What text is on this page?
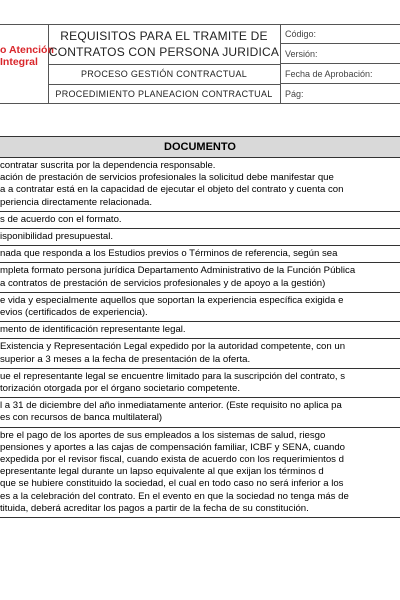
o Atención
Integral
REQUISITOS PARA EL TRAMITE DE
CONTRATOS CON PERSONA JURIDICA
PROCESO GESTIÓN CONTRACTUAL
PROCEDIMIENTO PLANEACION CONTRACTUAL
Código:
Versión:
Fecha de Aprobación:
Pág:
DOCUMENTO
contratar suscrita por la dependencia responsable.
ación de prestación de servicios profesionales la solicitud debe manifestar que
a a contratar está en la capacidad de ejecutar el objeto del contrato y cuenta con
periencia directamente relacionada.
s de acuerdo con el formato.
isponibilidad presupuestal.
nada que responda a los Estudios previos o Términos de referencia, según sea
mpleta formato persona jurídica Departamento Administrativo de la Función Pública
a contratos de prestación de servicios profesionales y de apoyo a la gestión)
e vida y especialmente aquellos que soportan la experiencia específica exigida e
evios (certificados de experiencia).
mento de identificación representante legal.
Existencia y Representación Legal expedido por la autoridad competente, con un
superior a 3 meses a la fecha de presentación de la oferta.
ue el representante legal se encuentre limitado para la suscripción del contrato, s
torización otorgada por el órgano societario competente.
l a 31 de diciembre del año inmediatamente anterior. (Este requisito no aplica pa
es con recursos de banca multilateral)
bre el pago de los aportes de sus empleados a los sistemas de salud, riesgo
pensiones y aportes a las cajas de compensación familiar, ICBF y SENA, cuando
expedida por el revisor fiscal, cuando exista de acuerdo con los requerimientos d
epresentante legal durante un lapso equivalente al que exijan los términos d
que se hubiere constituido la sociedad, el cual en todo caso no será inferior a los
es a la celebración del contrato. En el evento en que la sociedad no tenga más de
tituida, deberá acreditar los pagos a partir de la fecha de su constitución.
